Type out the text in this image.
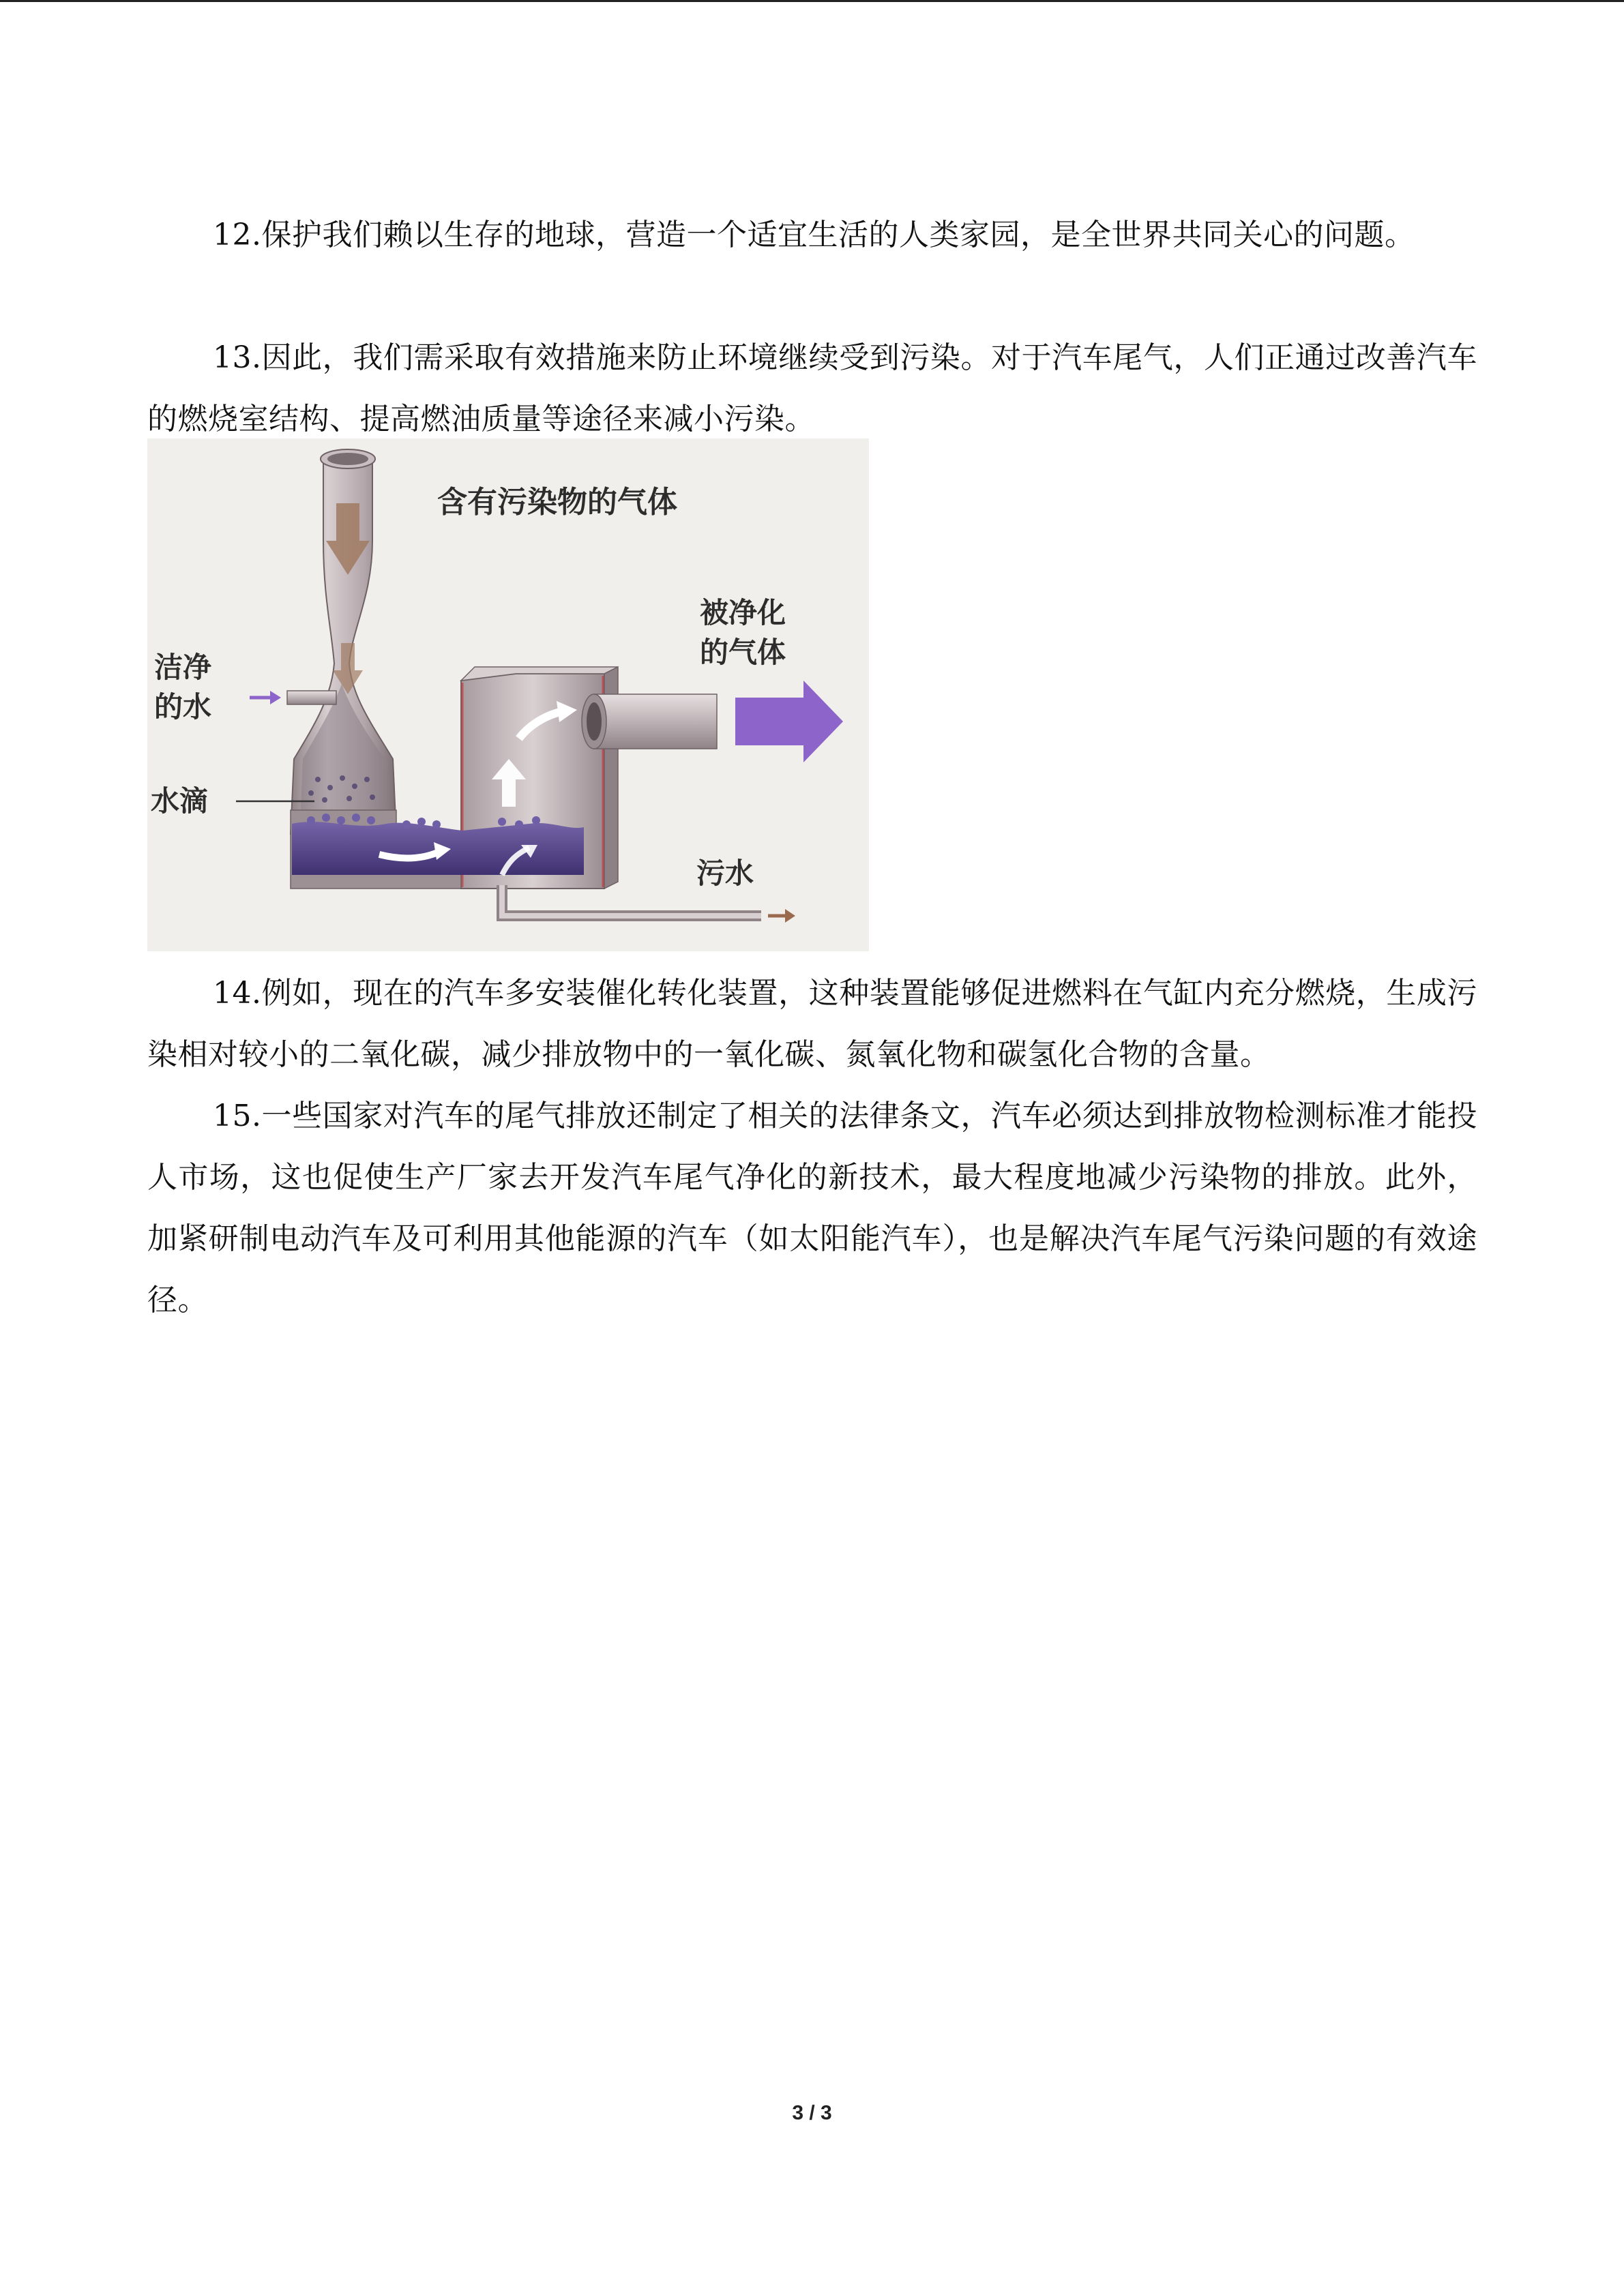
12.保护我们赖以生存的地球，营造一个适宜生活的人类家园，是全世界共同关心的问题。

13.因此，我们需采取有效措施来防止环境继续受到污染。对于汽车尾气，人们正通过改善汽车的燃烧室结构、提高燃油质量等途径来减小污染。

含有污染物的气体
被净化
的气体
洁净
的水
水滴
污水

14.例如，现在的汽车多安装催化转化装置，这种装置能够促进燃料在气缸内充分燃烧，生成污染相对较小的二氧化碳，减少排放物中的一氧化碳、氮氧化物和碳氢化合物的含量。

15.一些国家对汽车的尾气排放还制定了相关的法律条文，汽车必须达到排放物检测标准才能投人市场，这也促使生产厂家去开发汽车尾气净化的新技术，最大程度地减少污染物的排放。此外，加紧研制电动汽车及可利用其他能源的汽车（如太阳能汽车），也是解决汽车尾气污染问题的有效途径。

3 / 3
